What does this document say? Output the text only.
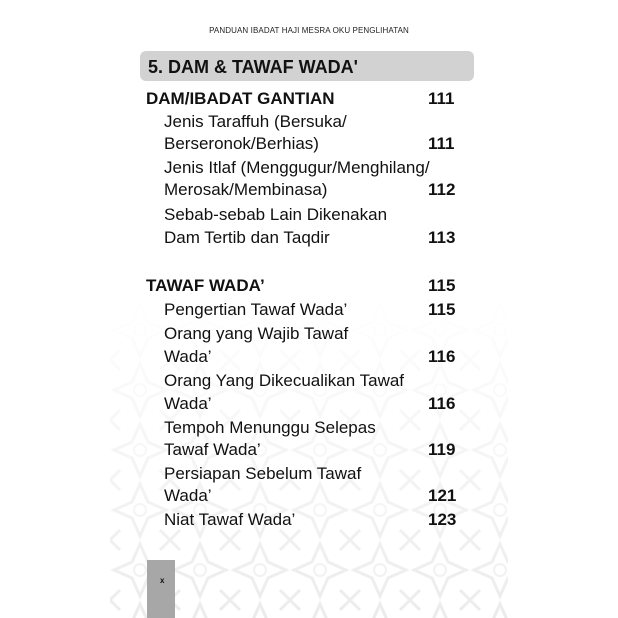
PANDUAN IBADAT HAJI MESRA OKU PENGLIHATAN
5. DAM & TAWAF WADA'
DAM/IBADAT GANTIAN	111
Jenis Taraffuh (Bersuka/
Berseronok/Berhias)	111
Jenis Itlaf (Menggugur/Menghilang/
Merosak/Membinasa)	112
Sebab-sebab Lain Dikenakan
Dam Tertib dan Taqdir	113
TAWAF WADA’	115
Pengertian Tawaf Wada’	115
Orang yang Wajib Tawaf
Wada’	116
Orang Yang Dikecualikan Tawaf
Wada’	116
Tempoh Menunggu Selepas
Tawaf Wada’	119
Persiapan Sebelum Tawaf
Wada’	121
Niat Tawaf Wada’	123
x
